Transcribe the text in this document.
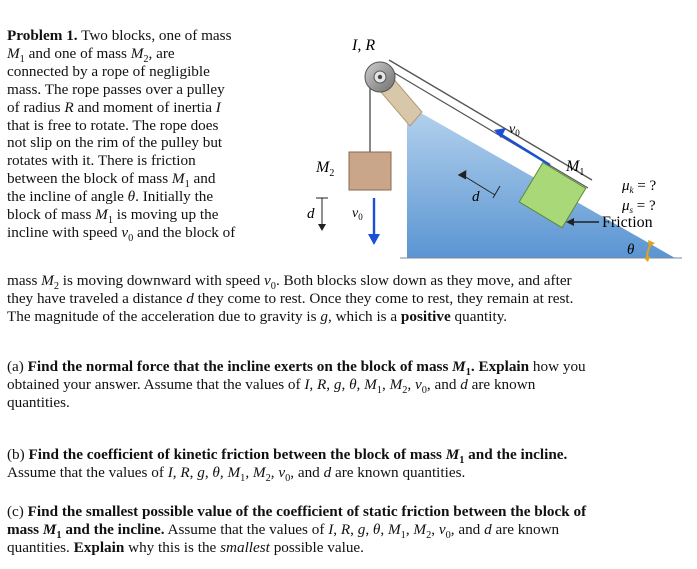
Problem 1. Two blocks, one of mass
$M_1$ and one of mass $M_2$, are
connected by a rope of negligible
mass. The rope passes over a pulley
of radius R and moment of inertia I
that is free to rotate. The rope does
not slip on the rim of the pulley but
rotates with it. There is friction
between the block of mass $M_1$ and
the incline of angle θ. Initially the
block of mass $M_1$ is moving up the
incline with speed $v_0$ and the block of
I, R
$M_2$
d	$v_0$
$v_0$
d
$M_1$
Friction
$\mu_k$ = ?
$\mu_s$ = ?
θ
mass $M_2$ is moving downward with speed $v_0$. Both blocks slow down as they move, and after
they have traveled a distance d they come to rest. Once they come to rest, they remain at rest.
The magnitude of the acceleration due to gravity is g, which is a positive quantity.
(a) Find the normal force that the incline exerts on the block of mass $M_1$. Explain how you
obtained your answer. Assume that the values of I, R, g, θ, $M_1$, $M_2$, $v_0$, and d are known
quantities.
(b) Find the coefficient of kinetic friction between the block of mass $M_1$ and the incline.
Assume that the values of I, R, g, θ, $M_1$, $M_2$, $v_0$, and d are known quantities.
(c) Find the smallest possible value of the coefficient of static friction between the block of
mass $M_1$ and the incline. Assume that the values of I, R, g, θ, $M_1$, $M_2$, $v_0$, and d are known
quantities. Explain why this is the smallest possible value.
